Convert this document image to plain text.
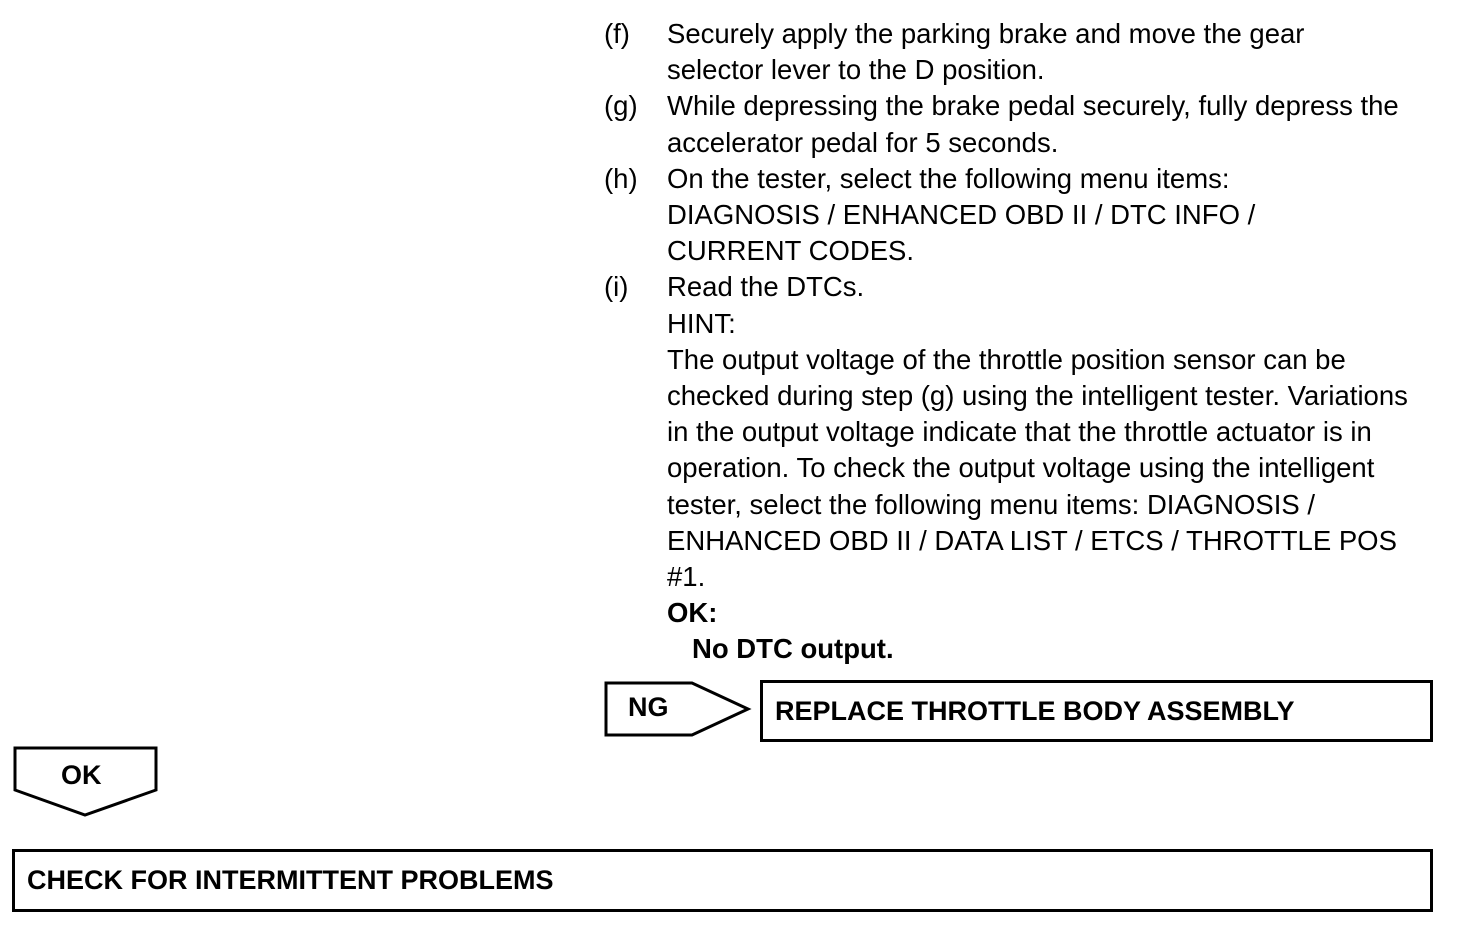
(f)	Securely apply the parking brake and move the gear selector lever to the D position.

(g)	While depressing the brake pedal securely, fully depress the accelerator pedal for 5 seconds.

(h)	On the tester, select the following menu items:

DIAGNOSIS / ENHANCED OBD II / DTC INFO / CURRENT CODES.

(i)	Read the DTCs.

HINT:

The output voltage of the throttle position sensor can be checked during step (g) using the intelligent tester. Variations in the output voltage indicate that the throttle actuator is in operation. To check the output voltage using the intelligent tester, select the following menu items: DIAGNOSIS / ENHANCED OBD II / DATA LIST / ETCS / THROTTLE POS #1.

OK:

No DTC output.

NG	REPLACE THROTTLE BODY ASSEMBLY
OK
CHECK FOR INTERMITTENT PROBLEMS
